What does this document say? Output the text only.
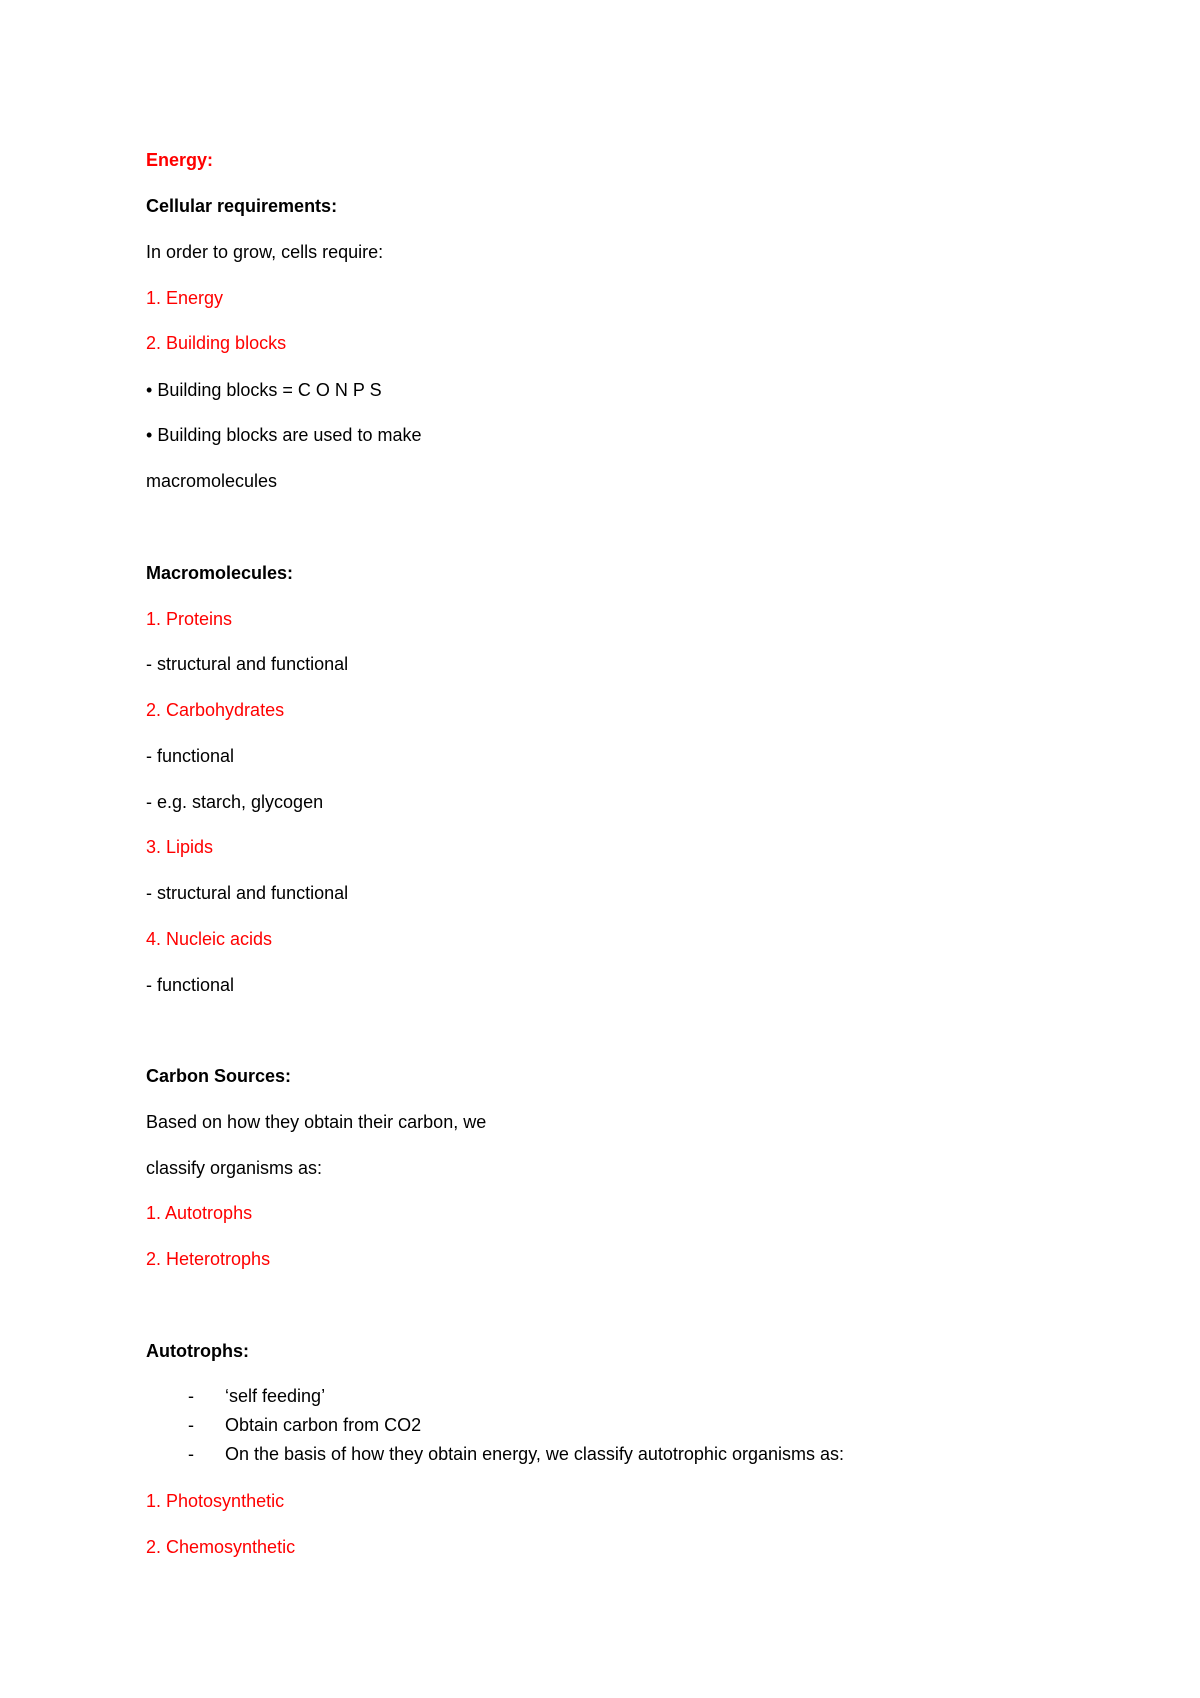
Energy:
Cellular requirements:
In order to grow, cells require:
1. Energy
2. Building blocks
• Building blocks = C O N P S
• Building blocks are used to make
macromolecules
Macromolecules:
1. Proteins
- structural and functional
2. Carbohydrates
- functional
- e.g. starch, glycogen
3. Lipids
- structural and functional
4. Nucleic acids
- functional
Carbon Sources:
Based on how they obtain their carbon, we
classify organisms as:
1. Autotrophs
2. Heterotrophs
Autotrophs:
- ‘self feeding’
- Obtain carbon from CO2
- On the basis of how they obtain energy, we classify autotrophic organisms as:
1. Photosynthetic
2. Chemosynthetic
